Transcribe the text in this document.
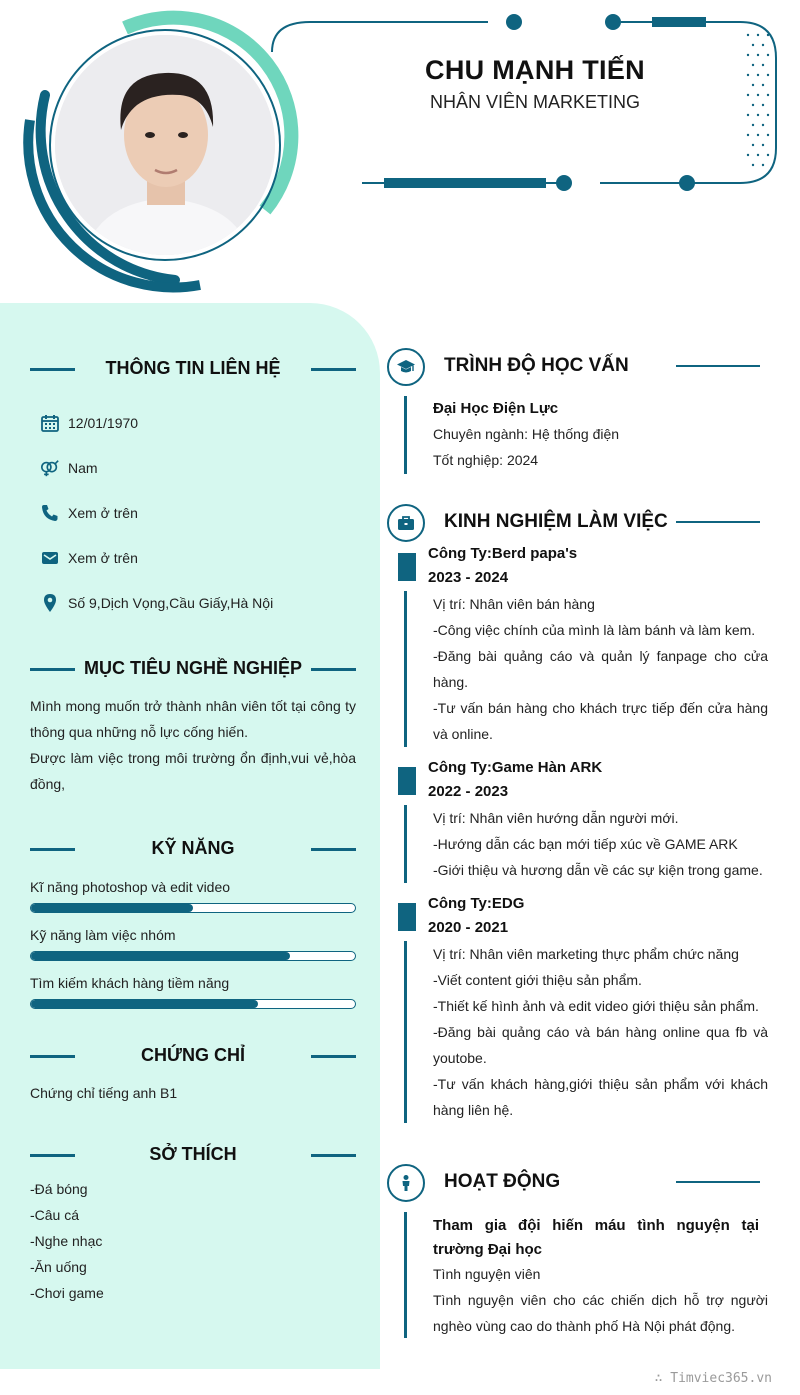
CHU MẠNH TIẾN
NHÂN VIÊN MARKETING
THÔNG TIN LIÊN HỆ
12/01/1970
Nam
Xem ở trên
Xem ở trên
Số 9,Dịch Vọng,Cầu Giấy,Hà Nội
MỤC TIÊU NGHỀ NGHIỆP
Mình mong muốn trở thành nhân viên tốt tại công ty thông qua những nỗ lực cống hiến.
Được làm việc trong môi trường ổn định,vui vẻ,hòa đồng,
KỸ NĂNG
Kĩ năng photoshop và edit video
Kỹ năng làm việc nhóm
Tìm kiếm khách hàng tiềm năng
CHỨNG CHỈ
Chứng chỉ tiếng anh B1
SỞ THÍCH
-Đá bóng
-Câu cá
-Nghe nhạc
-Ăn uống
-Chơi game
TRÌNH ĐỘ HỌC VẤN
Đại Học Điện Lực
Chuyên ngành: Hệ thống điện
Tốt nghiệp: 2024
KINH NGHIỆM LÀM VIỆC
Công Ty:Berd papa's
2023 - 2024
Vị trí: Nhân viên bán hàng
-Công việc chính của mình là làm bánh và làm kem.
-Đăng bài quảng cáo và quản lý fanpage cho cửa hàng.
-Tư vấn bán hàng cho khách trực tiếp đến cửa hàng và online.
Công Ty:Game Hàn ARK
2022 - 2023
Vị trí: Nhân viên hướng dẫn người mới.
-Hướng dẫn các bạn mới tiếp xúc về GAME ARK
-Giới thiệu và hương dẫn về các sự kiện trong game.
Công Ty:EDG
2020 - 2021
Vị trí: Nhân viên marketing thực phẩm chức năng
-Viết content giới thiệu sản phẩm.
-Thiết kế hình ảnh và edit video giới thiệu sản phẩm.
-Đăng bài quảng cáo và bán hàng online qua fb và youtobe.
-Tư vấn khách hàng,giới thiệu sản phẩm với khách hàng liên hệ.
HOẠT ĐỘNG
Tham gia đội hiến máu tình nguyện tại trường Đại học
Tình nguyện viên
Tình nguyện viên cho các chiến dịch hỗ trợ người nghèo vùng cao do thành phố Hà Nội phát động.
∴ Timviec365.vn
